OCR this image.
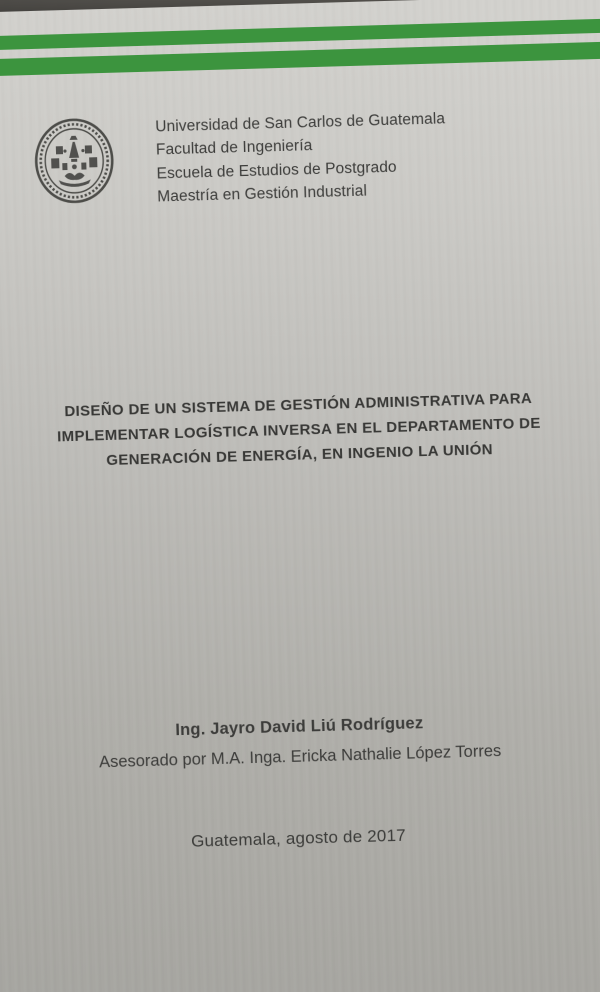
Universidad de San Carlos de Guatemala
Facultad de Ingeniería
Escuela de Estudios de Postgrado
Maestría en Gestión Industrial
DISEÑO DE UN SISTEMA DE GESTIÓN ADMINISTRATIVA PARA
IMPLEMENTAR LOGÍSTICA INVERSA EN EL DEPARTAMENTO DE
GENERACIÓN DE ENERGÍA, EN INGENIO LA UNIÓN
Ing. Jayro David Liú Rodríguez
Asesorado por M.A. Inga. Ericka Nathalie López Torres
Guatemala, agosto de 2017
